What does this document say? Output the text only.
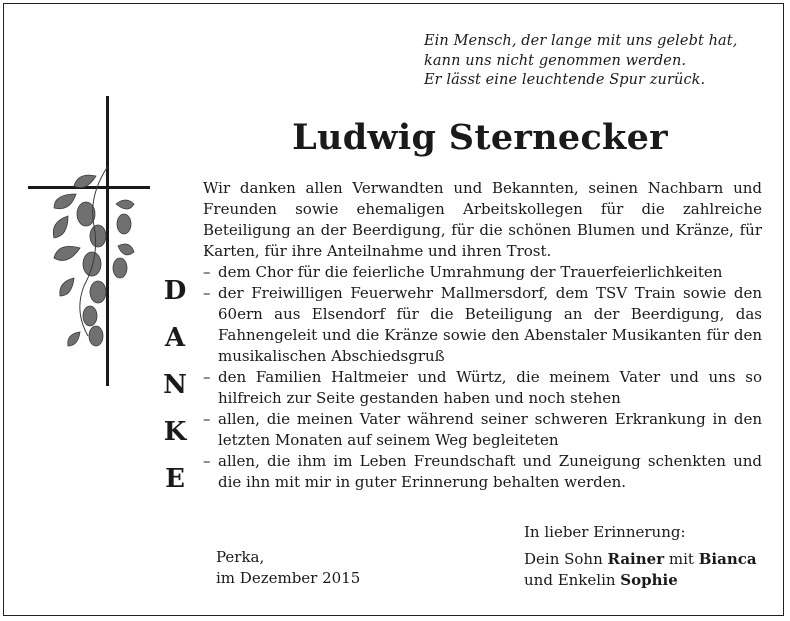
Ein Mensch, der lange mit uns gelebt hat,
kann uns nicht genommen werden.
Er lässt eine leuchtende Spur zurück.
Ludwig Sternecker
D
A
N
K
E
Wir danken allen Verwandten und Bekannten, seinen Nachbarn und Freunden sowie ehemaligen Arbeitskollegen für die zahlreiche Beteiligung an der Beerdigung, für die schönen Blumen und Kränze, für Karten, für ihre Anteilnahme und ihren Trost.
– dem Chor für die feierliche Umrahmung der Trauerfeierlichkeiten
– der Freiwilligen Feuerwehr Mallmersdorf, dem TSV Train sowie den 60ern aus Elsendorf für die Beteiligung an der Beerdigung, das Fahnengeleit und die Kränze sowie den Abenstaler Musikanten für den musikalischen Abschiedsgruß
– den Familien Haltmeier und Würtz, die meinem Vater und uns so hilfreich zur Seite gestanden haben und noch stehen
– allen, die meinen Vater während seiner schweren Erkrankung in den letzten Monaten auf seinem Weg begleiteten
– allen, die ihm im Leben Freundschaft und Zuneigung schenkten und die ihn mit mir in guter Erinnerung behalten werden.
Perka,
im Dezember 2015
In lieber Erinnerung:
Dein Sohn Rainer mit Bianca
und Enkelin Sophie
